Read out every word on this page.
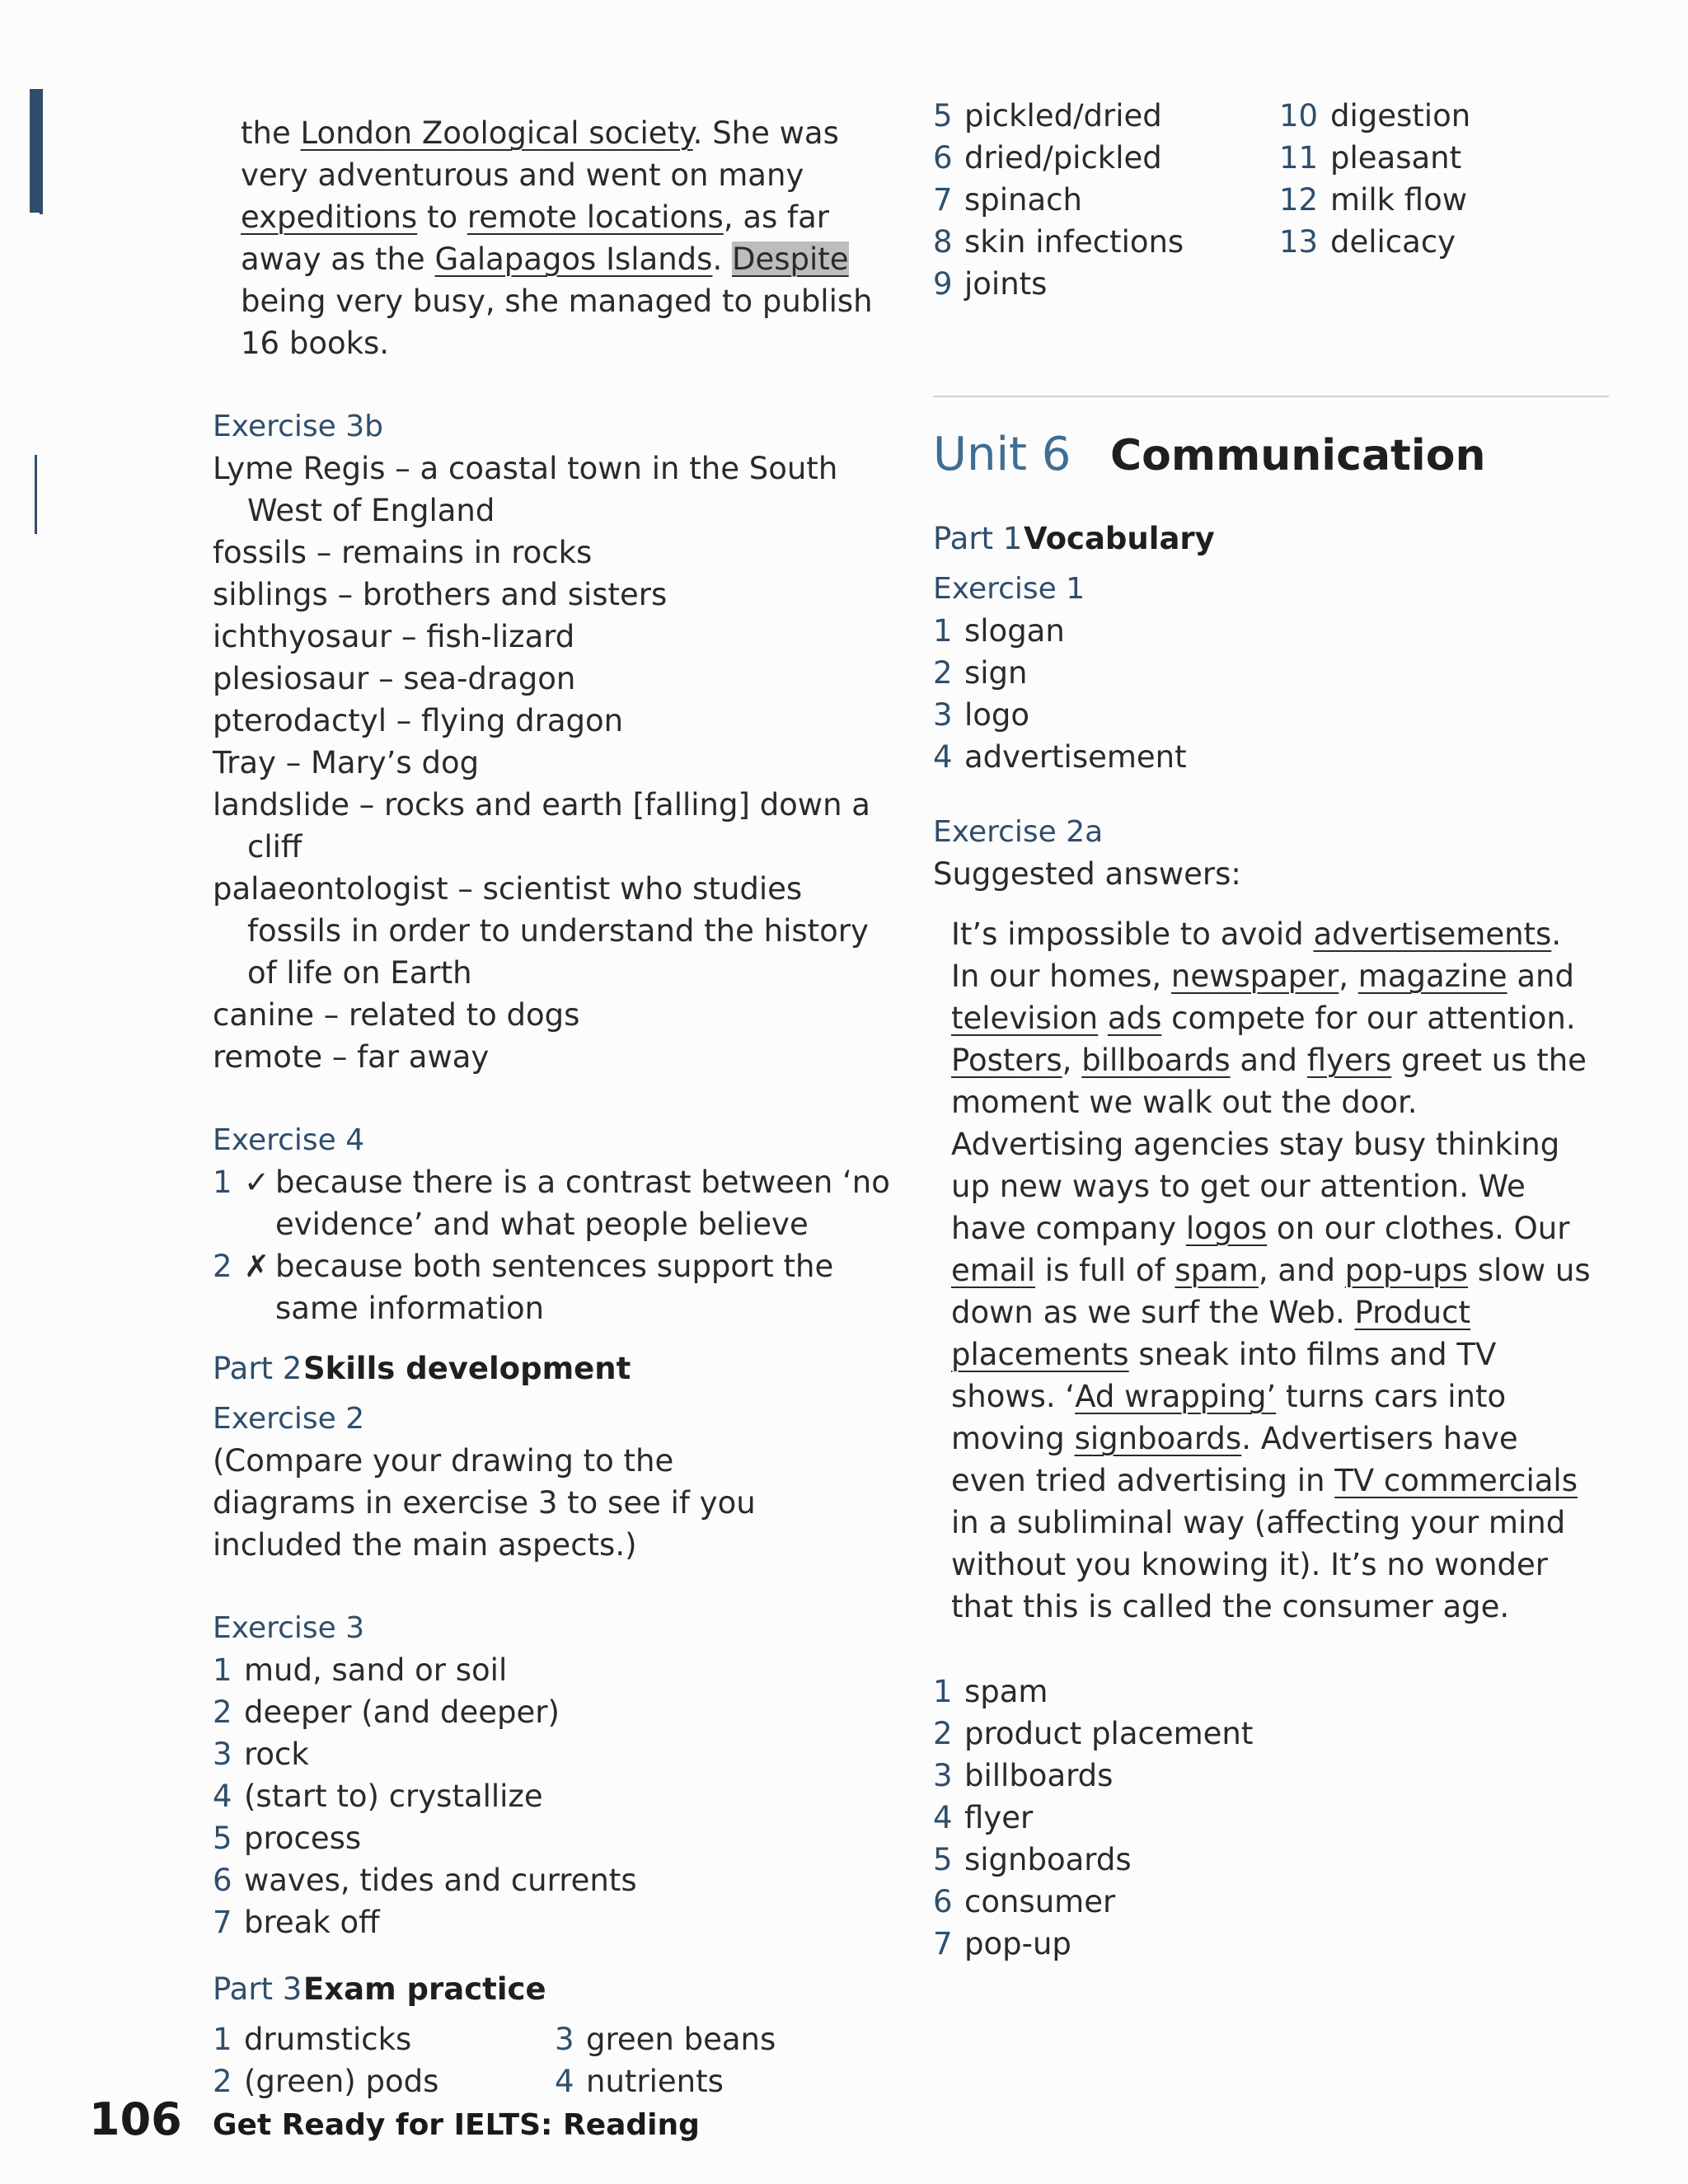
the London Zoological society. She was very adventurous and went on many expeditions to remote locations, as far away as the Galapagos Islands. Despite being very busy, she managed to publish 16 books.
Exercise 3b
Lyme Regis – a coastal town in the South West of England
fossils – remains in rocks
siblings – brothers and sisters
ichthyosaur – fish-lizard
plesiosaur – sea-dragon
pterodactyl – flying dragon
Tray – Mary’s dog
landslide – rocks and earth [falling] down a cliff
palaeontologist – scientist who studies fossils in order to understand the history of life on Earth
canine – related to dogs
remote – far away
Exercise 4
1 ✓ because there is a contrast between ‘no evidence’ and what people believe
2 ✗ because both sentences support the same information
Part 2Skills development
Exercise 2
(Compare your drawing to the diagrams in exercise 3 to see if you included the main aspects.)
Exercise 3
1 mud, sand or soil
2 deeper (and deeper)
3 rock
4 (start to) crystallize
5 process
6 waves, tides and currents
7 break off
Part 3Exam practice
1 drumsticks	3 green beans
2 (green) pods	4 nutrients
5 pickled/dried	10 digestion
6 dried/pickled	11 pleasant
7 spinach	12 milk flow
8 skin infections	13 delicacy
9 joints
Unit 6 Communication
Part 1Vocabulary
Exercise 1
1 slogan
2 sign
3 logo
4 advertisement
Exercise 2a
Suggested answers:
It’s impossible to avoid advertisements. In our homes, newspaper, magazine and television ads compete for our attention. Posters, billboards and flyers greet us the moment we walk out the door. Advertising agencies stay busy thinking up new ways to get our attention. We have company logos on our clothes. Our email is full of spam, and pop-ups slow us down as we surf the Web. Product placements sneak into films and TV shows. ‘Ad wrapping’ turns cars into moving signboards. Advertisers have even tried advertising in TV commercials in a subliminal way (affecting your mind without you knowing it). It’s no wonder that this is called the consumer age.
1 spam
2 product placement
3 billboards
4 flyer
5 signboards
6 consumer
7 pop-up
106	Get Ready for IELTS: Reading
